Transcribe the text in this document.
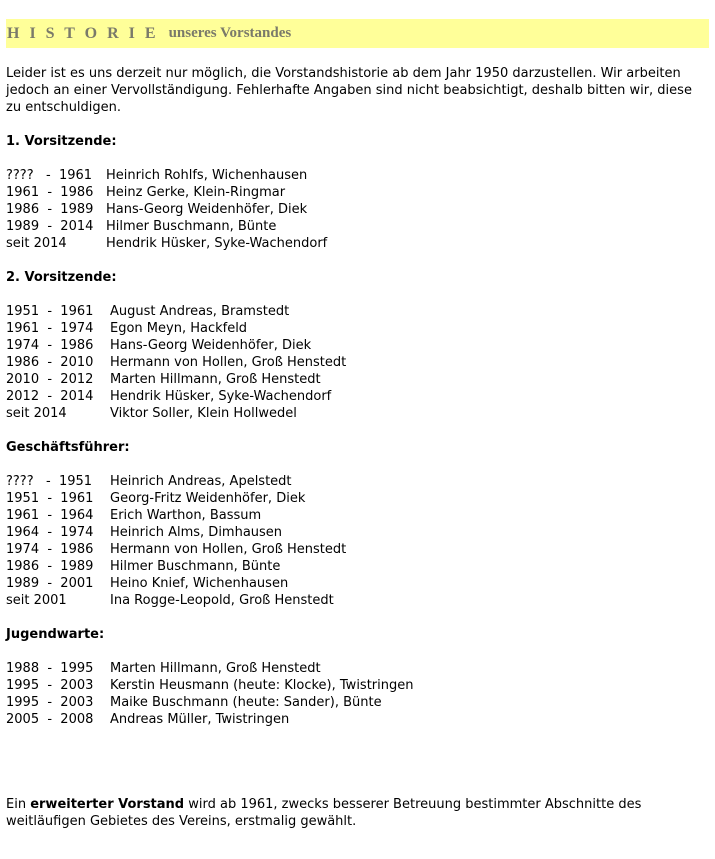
H I S T O R I E unseres Vorstandes
Leider ist es uns derzeit nur möglich, die Vorstandshistorie ab dem Jahr 1950 darzustellen. Wir arbeiten jedoch an einer Vervollständigung. Fehlerhafte Angaben sind nicht beabsichtigt, deshalb bitten wir, diese zu entschuldigen.
1. Vorsitzende:
????   -  1961	Heinrich Rohlfs, Wichenhausen
1961  -  1986 Heinz Gerke, Klein-Ringmar
1986  -  1989 Hans-Georg Weidenhöfer, Diek
1989  -  2014 Hilmer Buschmann, Bünte
seit 2014	Hendrik Hüsker, Syke-Wachendorf
2. Vorsitzende:
1951  -  1961	August Andreas, Bramstedt
1961  -  1974	Egon Meyn, Hackfeld
1974  -  1986	Hans-Georg Weidenhöfer, Diek
1986  -  2010	Hermann von Hollen, Groß Henstedt
2010  -  2012	Marten Hillmann, Groß Henstedt
2012  -  2014	Hendrik Hüsker, Syke-Wachendorf
seit 2014	Viktor Soller, Klein Hollwedel
Geschäftsführer:
????   -  1951	Heinrich Andreas, Apelstedt
1951  -  1961	Georg-Fritz Weidenhöfer, Diek
1961  -  1964	Erich Warthon, Bassum
1964  -  1974	Heinrich Alms, Dimhausen
1974  -  1986	Hermann von Hollen, Groß Henstedt
1986  -  1989	Hilmer Buschmann, Bünte
1989  -  2001	Heino Knief, Wichenhausen
seit 2001	Ina Rogge-Leopold, Groß Henstedt
Jugendwarte:
1988  -  1995	Marten Hillmann, Groß Henstedt
1995  -  2003	Kerstin Heusmann (heute: Klocke), Twistringen
1995  -  2003	Maike Buschmann (heute: Sander), Bünte
2005  -  2008	Andreas Müller, Twistringen
Ein erweiterter Vorstand wird ab 1961, zwecks besserer Betreuung bestimmter Abschnitte des weitläufigen Gebietes des Vereins, erstmalig gewählt.
